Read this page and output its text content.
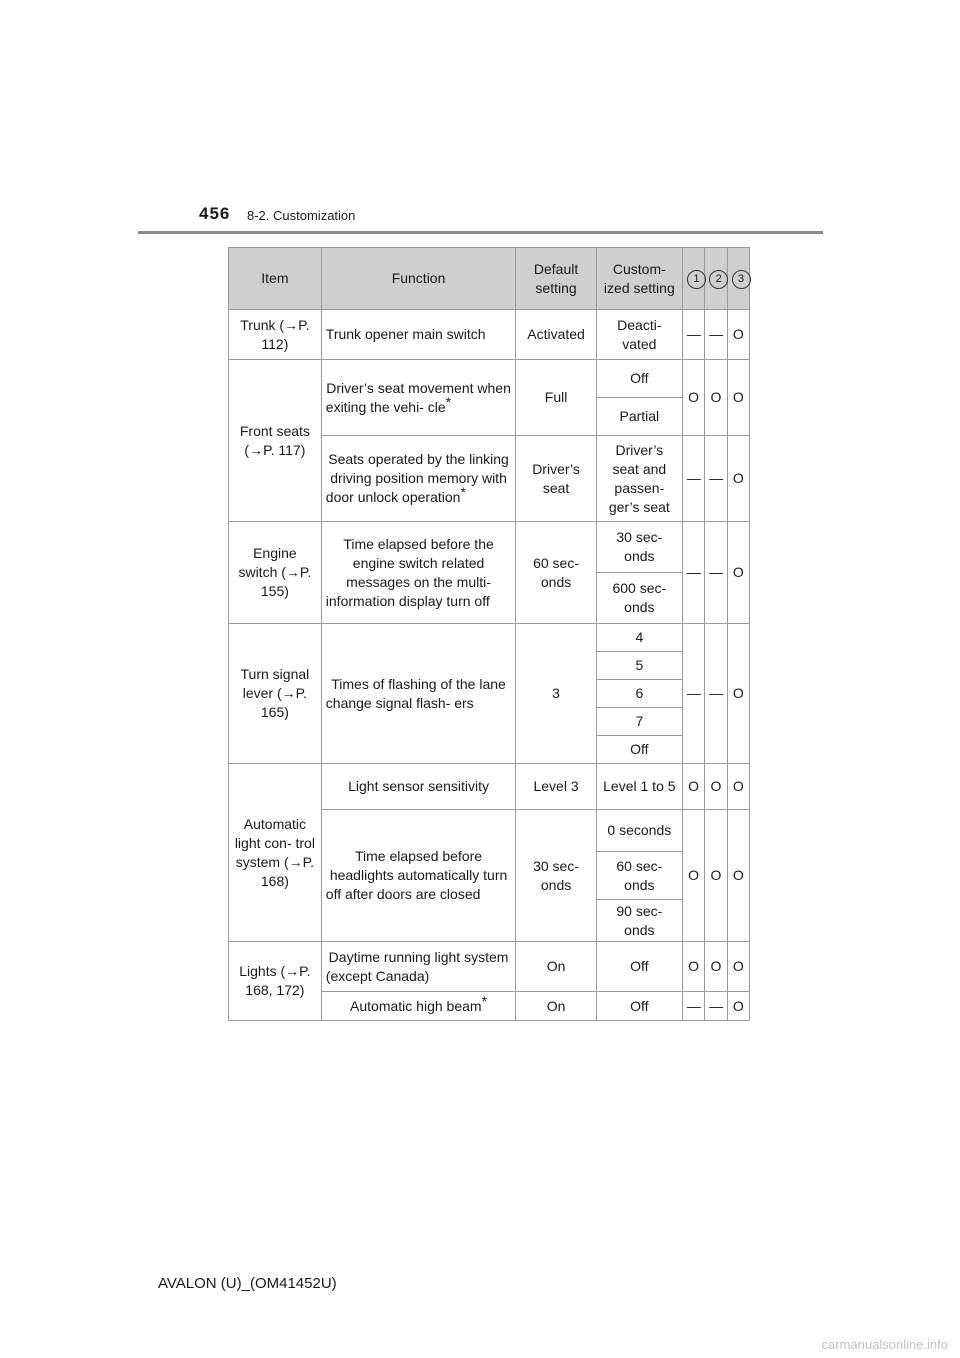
456 8-2. Customization
Item	Function	Default setting	Custom- ized setting	1	2	3
Trunk (→P. 112)	Trunk opener main switch	Activated	Deacti- vated	—	—	O
Front seats (→P. 117)	Driver’s seat movement when exiting the vehi- cle*	Full	Off	O	O	O
			Partial			
	Seats operated by the linking driving position memory with door unlock operation*	Driver’s seat	Driver’s seat and passen- ger’s seat	—	—	O
Engine switch (→P. 155)	Time elapsed before the engine switch related messages on the multi- information display turn off	60 sec- onds	30 sec- onds	—	—	O
			600 sec- onds			
Turn signal lever (→P. 165)	Times of flashing of the lane change signal flash- ers	3	4	—	—	O
			5			
			6			
			7			
			Off			
Automatic light con- trol system (→P. 168)	Light sensor sensitivity	Level 3	Level 1 to 5	O	O	O
	Time elapsed before headlights automatically turn off after doors are closed	30 sec- onds	0 seconds	O	O	O
			60 sec- onds			
			90 sec- onds			
Lights (→P. 168, 172)	Daytime running light system (except Canada)	On	Off	O	O	O
	Automatic high beam*	On	Off	—	—	O
AVALON (U)_(OM41452U)
carmanualsonline.info
